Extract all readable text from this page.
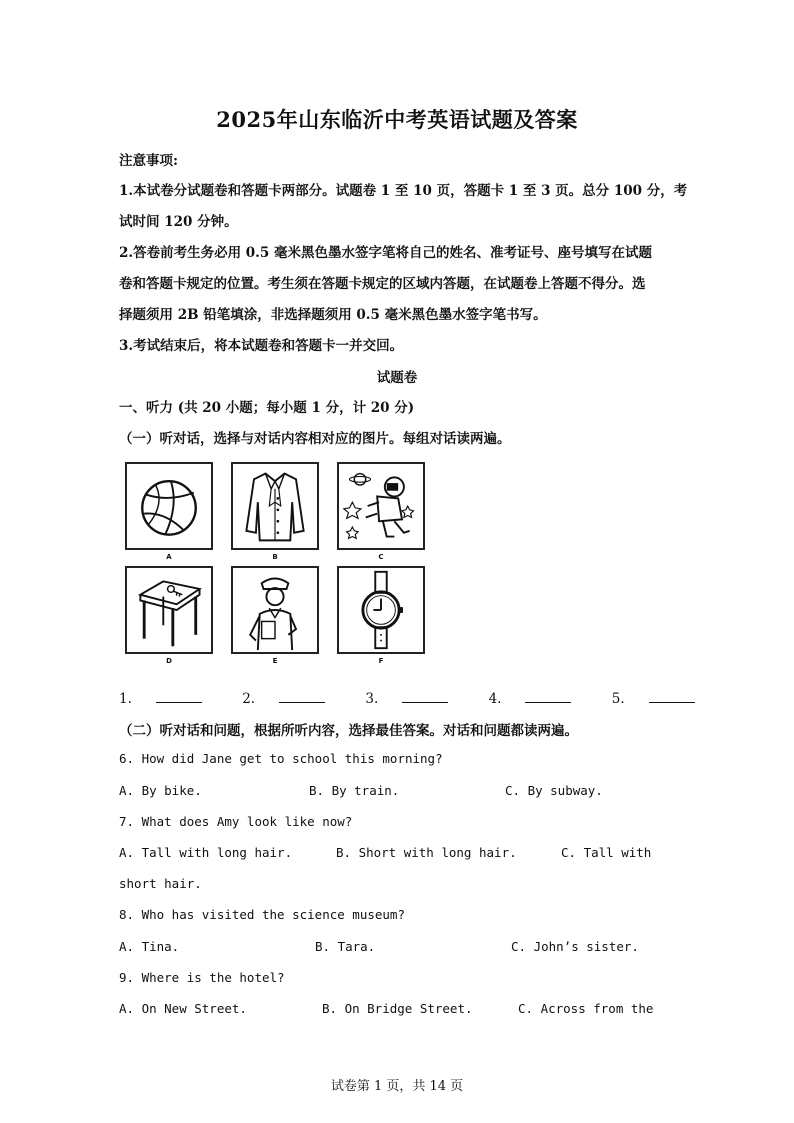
2025年山东临沂中考英语试题及答案
注意事项:
1.本试卷分试题卷和答题卡两部分。试题卷 1 至 10 页，答题卡 1 至 3 页。总分 100 分，考
试时间 120 分钟。
2.答卷前考生务必用 0.5 毫米黑色墨水签字笔将自己的姓名、准考证号、座号填写在试题
卷和答题卡规定的位置。考生须在答题卡规定的区域内答题，在试题卷上答题不得分。选
择题须用 2B 铅笔填涂，非选择题须用 0.5 毫米黑色墨水签字笔书写。
3.考试结束后，将本试题卷和答题卡一并交回。
试题卷
一、听力 (共 20 小题；每小题 1 分，计 20 分)
（一）听对话，选择与对话内容相对应的图片。每组对话读两遍。
A	B	C
D	E	F
1.	2.	3.	4.	5.
（二）听对话和问题，根据所听内容，选择最佳答案。对话和问题都读两遍。
6. How did Jane get to school this morning?
A. By bike.	B. By train.	C. By subway.
7. What does Amy look like now?
A. Tall with long hair.	B. Short with long hair.	C. Tall with
short hair.
8. Who has visited the science museum?
A. Tina.	B. Tara.	C. John’s sister.
9. Where is the hotel?
A. On New Street.	B. On Bridge Street.	C. Across from the
试卷第 1 页，共 14 页
